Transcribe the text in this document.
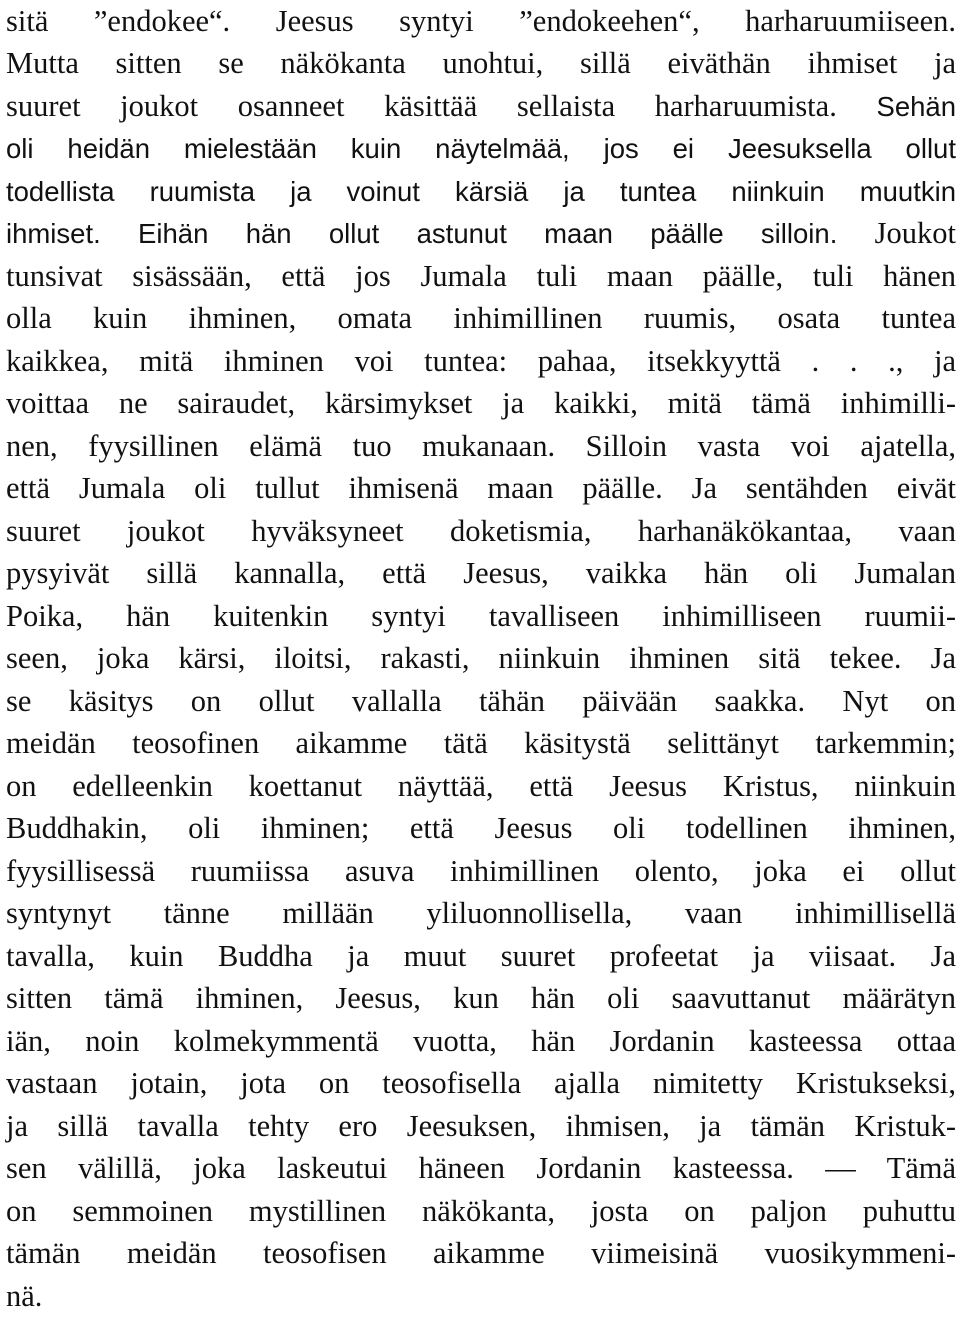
sitä ”endokee“. Jeesus syntyi ”endokeehen“, harharuumiiseen.
Mutta sitten se näkökanta unohtui, sillä eiväthän ihmiset ja
suuret joukot osanneet käsittää sellaista harharuumista. Sehän
oli heidän mielestään kuin näytelmää, jos ei Jeesuksella ollut
todellista ruumista ja voinut kärsiä ja tuntea niinkuin muutkin
ihmiset. Eihän hän ollut astunut maan päälle silloin. Joukot
tunsivat sisässään, että jos Jumala tuli maan päälle, tuli hänen
olla kuin ihminen, omata inhimillinen ruumis, osata tuntea
kaikkea, mitä ihminen voi tuntea: pahaa, itsekkyyttä . . ., ja
voittaa ne sairaudet, kärsimykset ja kaikki, mitä tämä inhimilli-
nen, fyysillinen elämä tuo mukanaan. Silloin vasta voi ajatella,
että Jumala oli tullut ihmisenä maan päälle. Ja sentähden eivät
suuret joukot hyväksyneet doketismia, harhanäkökantaa, vaan
pysyivät sillä kannalla, että Jeesus, vaikka hän oli Jumalan
Poika, hän kuitenkin syntyi tavalliseen inhimilliseen ruumii-
seen, joka kärsi, iloitsi, rakasti, niinkuin ihminen sitä tekee. Ja
se käsitys on ollut vallalla tähän päivään saakka. Nyt on
meidän teosofinen aikamme tätä käsitystä selittänyt tarkemmin;
on edelleenkin koettanut näyttää, että Jeesus Kristus, niinkuin
Buddhakin, oli ihminen; että Jeesus oli todellinen ihminen,
fyysillisessä ruumiissa asuva inhimillinen olento, joka ei ollut
syntynyt tänne millään yliluonnollisella, vaan inhimillisellä
tavalla, kuin Buddha ja muut suuret profeetat ja viisaat. Ja
sitten tämä ihminen, Jeesus, kun hän oli saavuttanut määrätyn
iän, noin kolmekymmentä vuotta, hän Jordanin kasteessa ottaa
vastaan jotain, jota on teosofisella ajalla nimitetty Kristukseksi,
ja sillä tavalla tehty ero Jeesuksen, ihmisen, ja tämän Kristuk-
sen välillä, joka laskeutui häneen Jordanin kasteessa. — Tämä
on semmoinen mystillinen näkökanta, josta on paljon puhuttu
tämän meidän teosofisen aikamme viimeisinä vuosikymmeni-
nä.
